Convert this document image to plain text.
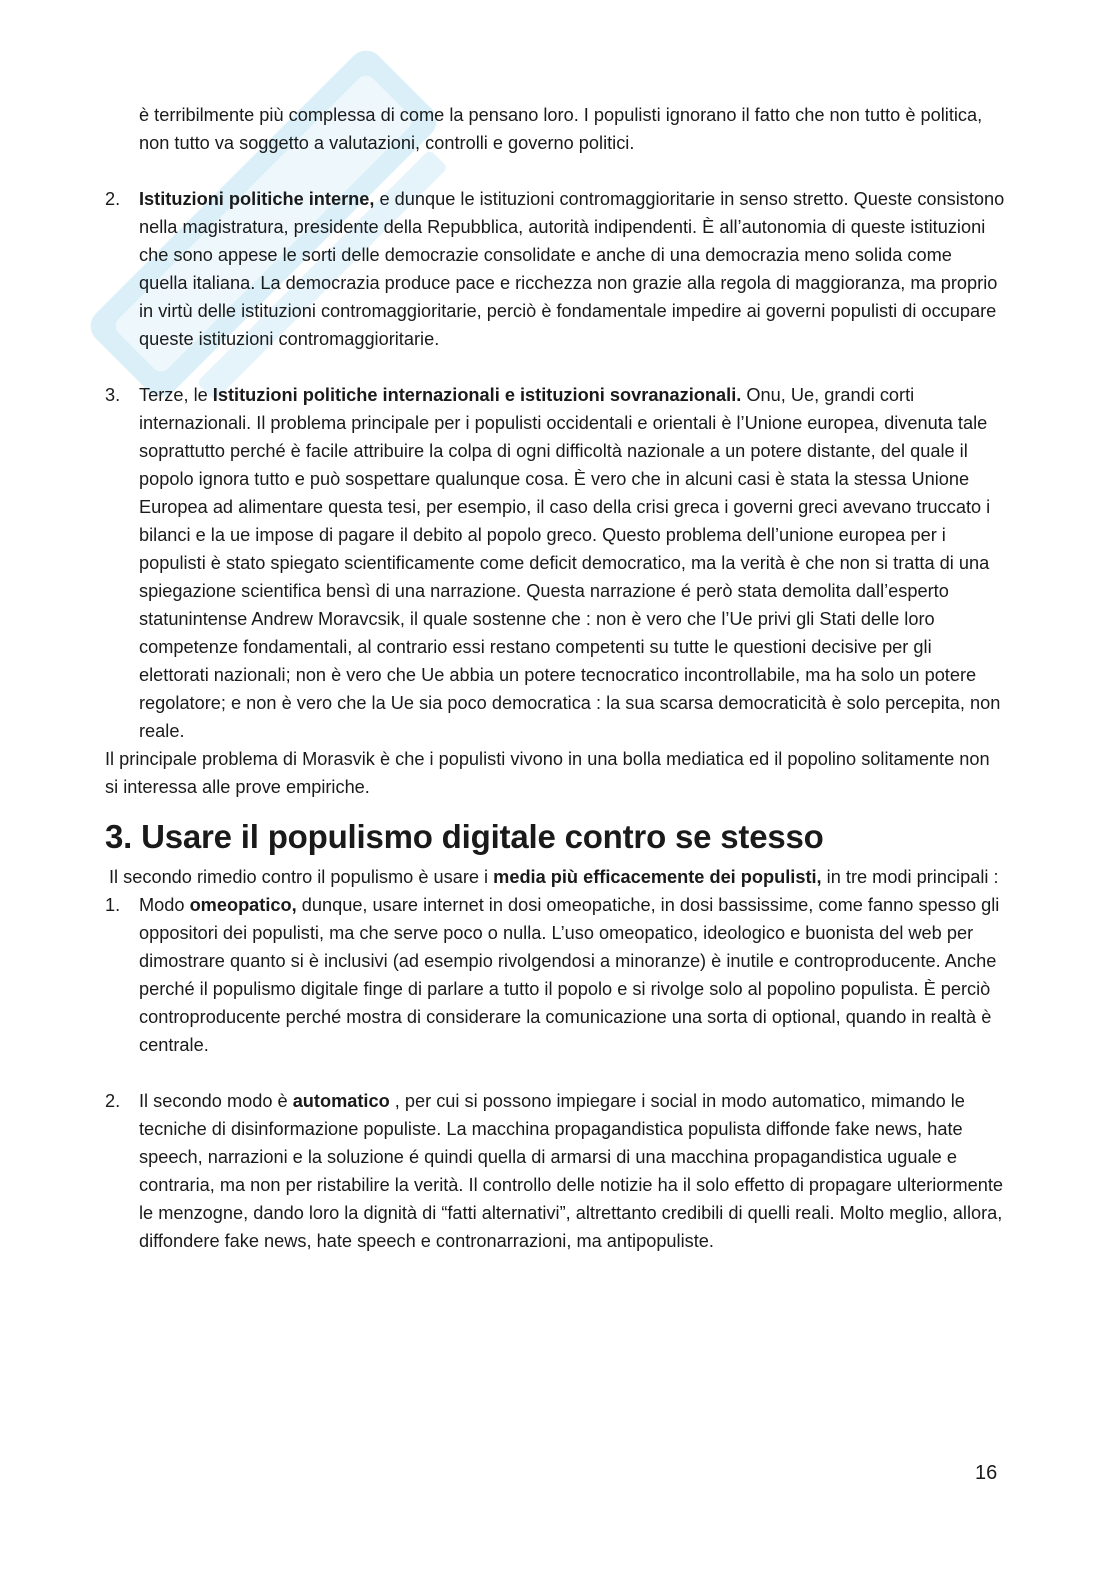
è terribilmente più complessa di come la pensano loro. I populisti ignorano il fatto che non tutto è politica, non tutto va soggetto a valutazioni, controlli e governo politici.

2. Istituzioni politiche interne, e dunque le istituzioni contromaggioritarie in senso stretto. Queste consistono nella magistratura, presidente della Repubblica, autorità indipendenti. È all’autonomia di queste istituzioni che sono appese le sorti delle democrazie consolidate e anche di una democrazia meno solida come quella italiana. La democrazia produce pace e ricchezza non grazie alla regola di maggioranza, ma proprio in virtù delle istituzioni contromaggioritarie, perciò è fondamentale impedire ai governi populisti di occupare queste istituzioni contromaggioritarie.

3. Terze, le Istituzioni politiche internazionali e istituzioni sovranazionali. Onu, Ue, grandi corti internazionali. Il problema principale per i populisti occidentali e orientali è l’Unione europea, divenuta tale soprattutto perché è facile attribuire la colpa di ogni difficoltà nazionale a un potere distante, del quale il popolo ignora tutto e può sospettare qualunque cosa. È vero che in alcuni casi è stata la stessa Unione Europea ad alimentare questa tesi, per esempio, il caso della crisi greca i governi greci avevano truccato i bilanci e la ue impose di pagare il debito al popolo greco. Questo problema dell’unione europea per i populisti è stato spiegato scientificamente come deficit democratico, ma la verità è che non si tratta di una spiegazione scientifica bensì di una narrazione. Questa narrazione é però stata demolita dall’esperto statunintense Andrew Moravcsik, il quale sostenne che : non è vero che l’Ue privi gli Stati delle loro competenze fondamentali, al contrario essi restano competenti su tutte le questioni decisive per gli elettorati nazionali; non è vero che Ue abbia un potere tecnocratico incontrollabile, ma ha solo un potere regolatore; e non è vero che la Ue sia poco democratica : la sua scarsa democraticità è solo percepita, non reale.

Il principale problema di Morasvik è che i populisti vivono in una bolla mediatica ed il popolino solitamente non si interessa alle prove empiriche.

3. Usare il populismo digitale contro se stesso

Il secondo rimedio contro il populismo è usare i media più efficacemente dei populisti, in tre modi principali :

1. Modo omeopatico, dunque, usare internet in dosi omeopatiche, in dosi bassissime, come fanno spesso gli oppositori dei populisti, ma che serve poco o nulla. L’uso omeopatico, ideologico e buonista del web per dimostrare quanto si è inclusivi (ad esempio rivolgendosi a minoranze) è inutile e controproducente. Anche perché il populismo digitale finge di parlare a tutto il popolo e si rivolge solo al popolino populista. È perciò controproducente perché mostra di considerare la comunicazione una sorta di optional, quando in realtà è centrale.

2. Il secondo modo è automatico , per cui si possono impiegare i social in modo automatico, mimando le tecniche di disinformazione populiste. La macchina propagandistica populista diffonde fake news, hate speech, narrazioni e la soluzione é quindi quella di armarsi di una macchina propagandistica uguale e contraria, ma non per ristabilire la verità. Il controllo delle notizie ha il solo effetto di propagare ulteriormente le menzogne, dando loro la dignità di “fatti alternativi”, altrettanto credibili di quelli reali. Molto meglio, allora, diffondere fake news, hate speech e contronarrazioni, ma antipopuliste.

16
